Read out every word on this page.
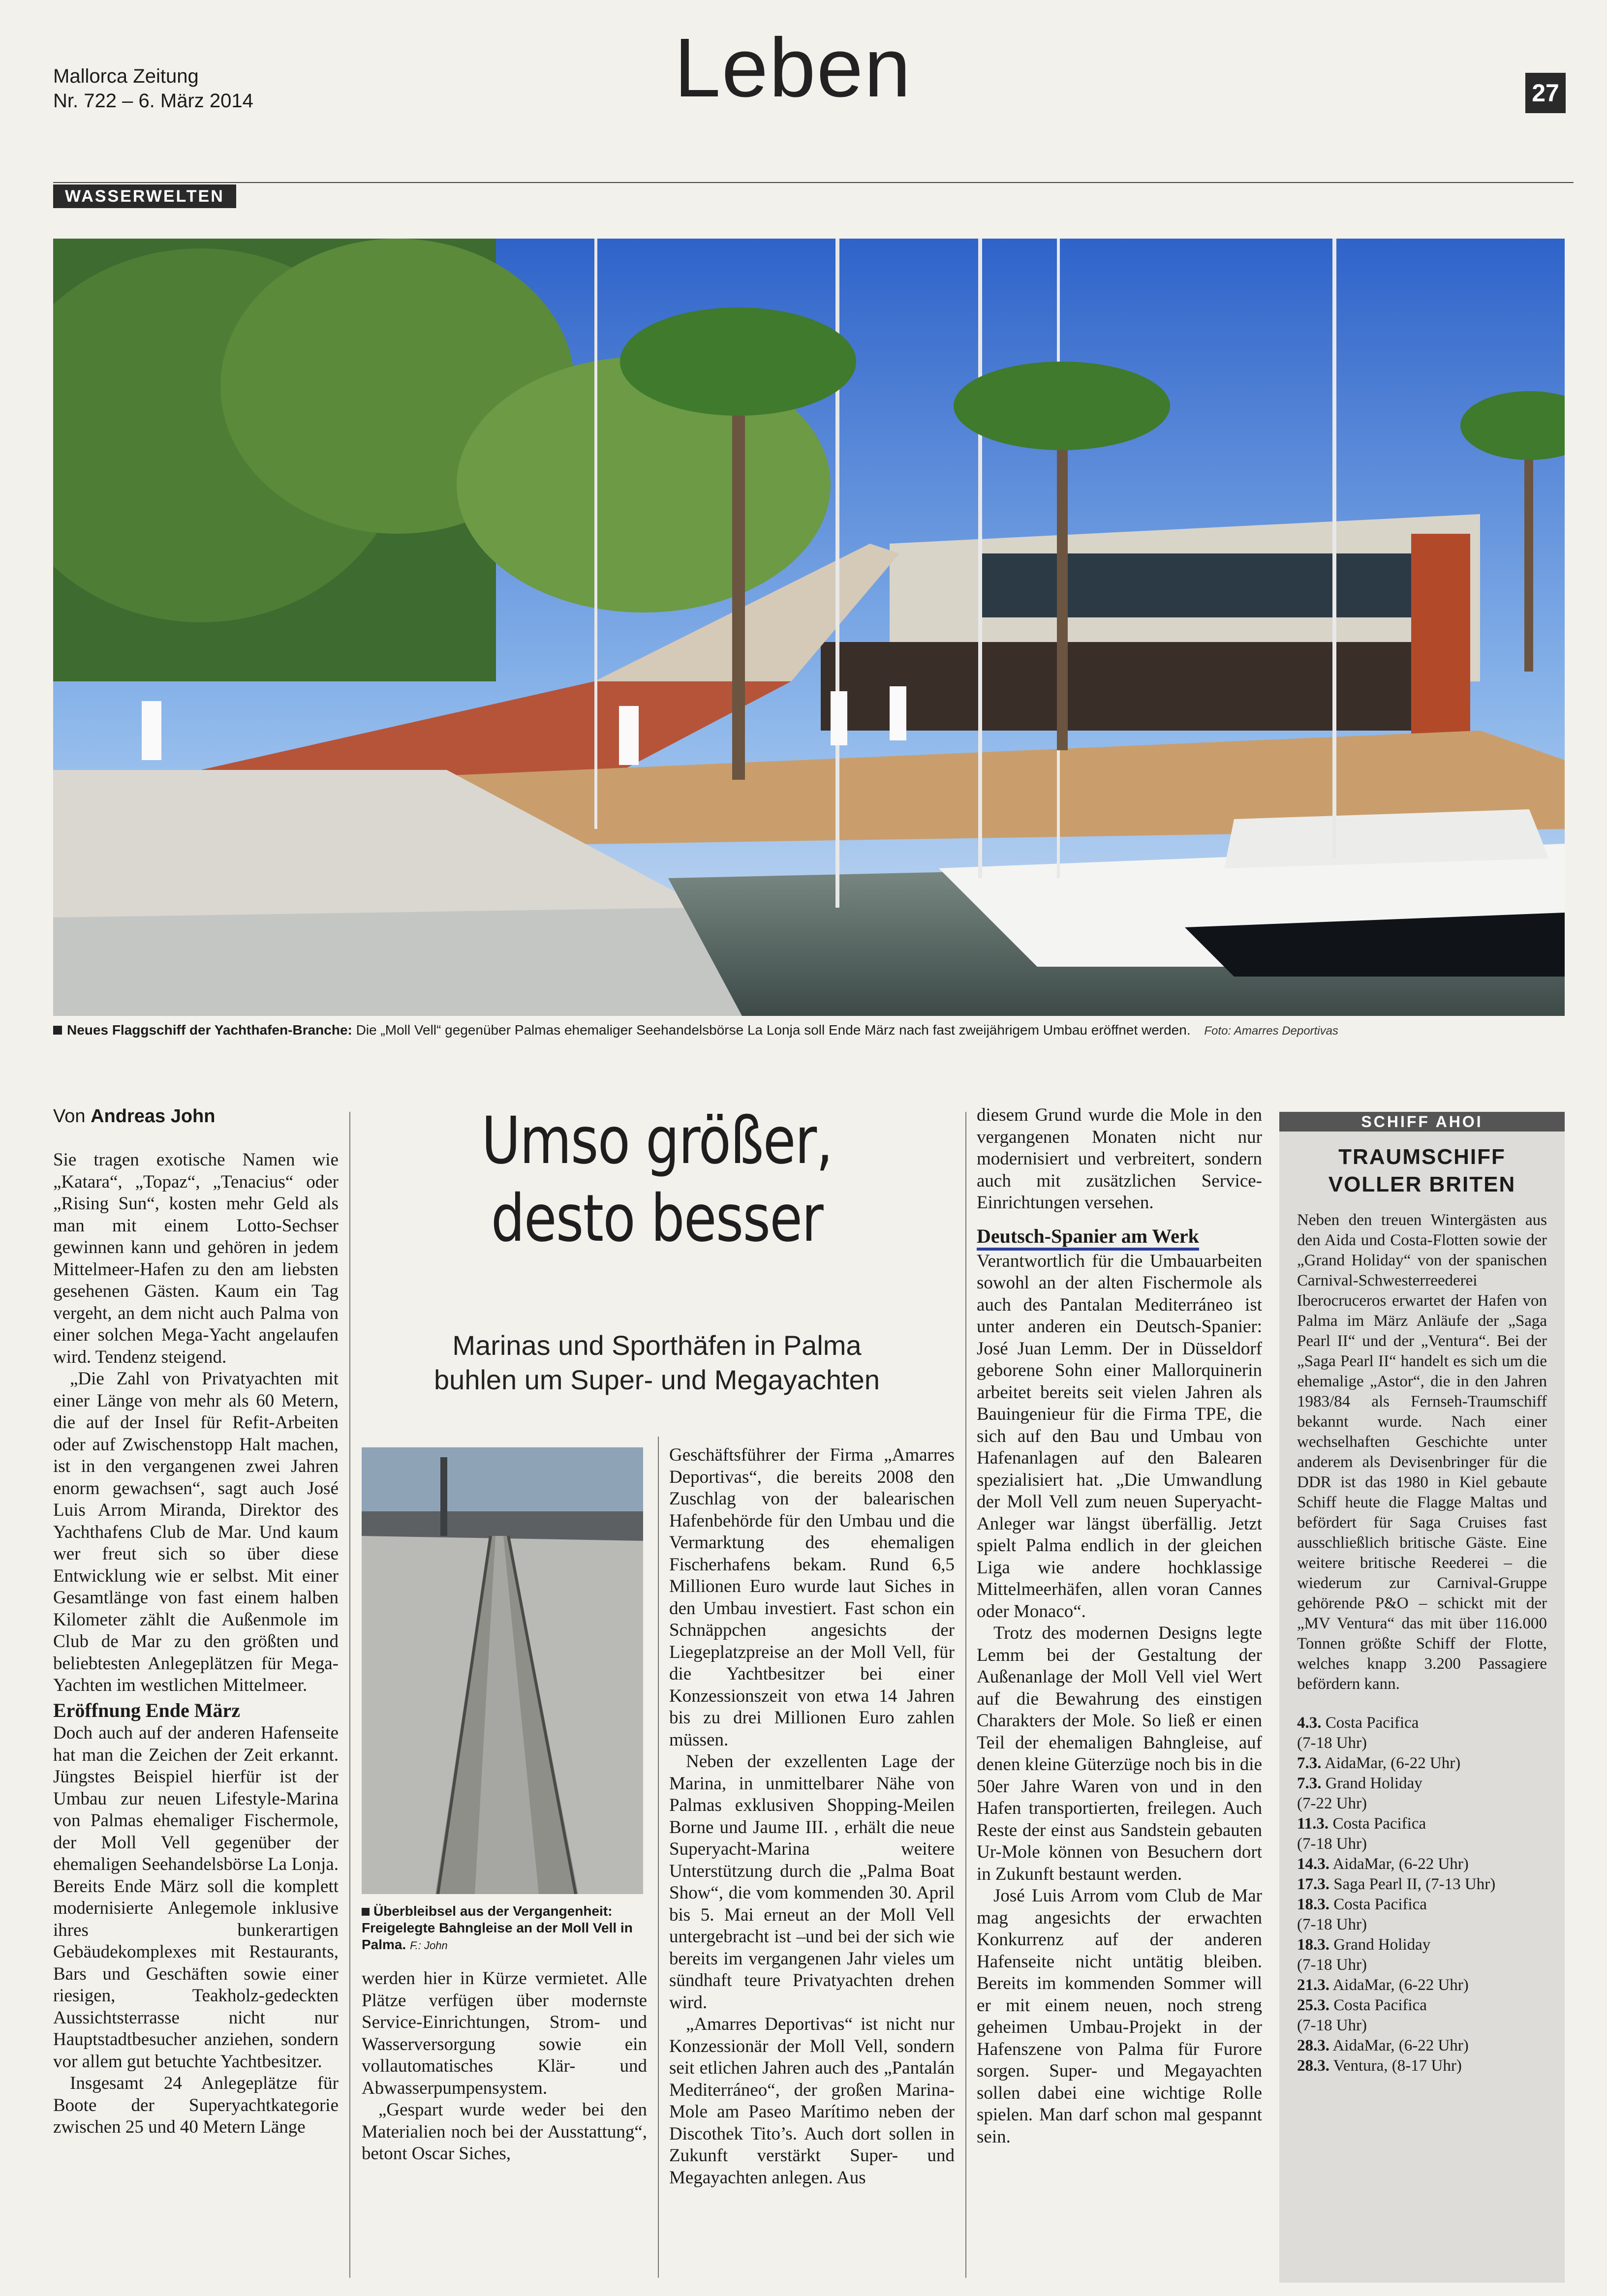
Mallorca Zeitung
Nr. 722 – 6. März 2014	Leben	27
WASSERWELTEN
Neues Flaggschiff der Yachthafen-Branche: Die „Moll Vell“ gegenüber Palmas ehemaliger Seehandelsbörse La Lonja soll Ende März nach fast zweijährigem Umbau eröffnet werden. Foto: Amarres Deportivas
Von Andreas John	Umso größer,
desto besser
Marinas und Sporthäfen in Palma
buhlen um Super- und Megayachten

Sie tragen exotische Namen wie „Katara“, „Topaz“, „Tenacius“ oder „Rising Sun“, kosten mehr Geld als man mit einem Lotto-Sechser gewinnen kann und gehören in jedem Mittelmeer-Hafen zu den am liebsten gesehenen Gästen. Kaum ein Tag vergeht, an dem nicht auch Palma von einer solchen Mega-Yacht angelaufen wird. Tendenz steigend.

„Die Zahl von Privatyachten mit einer Länge von mehr als 60 Metern, die auf der Insel für Refit-Arbeiten oder auf Zwischenstopp Halt machen, ist in den vergangenen zwei Jahren enorm gewachsen“, sagt auch José Luis Arrom Miranda, Direktor des Yachthafens Club de Mar. Und kaum wer freut sich so über diese Entwicklung wie er selbst. Mit einer Gesamtlänge von fast einem halben Kilometer zählt die Außenmole im Club de Mar zu den größten und beliebtesten Anlegeplätzen für Mega-Yachten im westlichen Mittelmeer.

Eröffnung Ende März

Doch auch auf der anderen Hafenseite hat man die Zeichen der Zeit erkannt. Jüngstes Beispiel hierfür ist der Umbau zur neuen Lifestyle-Marina von Palmas ehemaliger Fischermole, der Moll Vell gegenüber der ehemaligen Seehandelsbörse La Lonja. Bereits Ende März soll die komplett modernisierte Anlegemole inklusive ihres bunkerartigen Gebäudekomplexes mit Restaurants, Bars und Geschäften sowie einer riesigen, Teakholz-gedeckten Aussichtsterrasse nicht nur Hauptstadtbesucher anziehen, sondern vor allem gut betuchte Yachtbesitzer.

Insgesamt 24 Anlegeplätze für Boote der Superyachtkategorie zwischen 25 und 40 Metern Länge

Überbleibsel aus der Vergangenheit: Freigelegte Bahngleise an der Moll Vell in Palma. F.: John

werden hier in Kürze vermietet. Alle Plätze verfügen über modernste Service-Einrichtungen, Strom- und Wasserversorgung sowie ein vollautomatisches Klär- und Abwasserpumpensystem.

„Gespart wurde weder bei den Materialien noch bei der Ausstattung“, betont Oscar Siches,

Geschäftsführer der Firma „Amarres Deportivas“, die bereits 2008 den Zuschlag von der balearischen Hafenbehörde für den Umbau und die Vermarktung des ehemaligen Fischerhafens bekam. Rund 6,5 Millionen Euro wurde laut Siches in den Umbau investiert. Fast schon ein Schnäppchen angesichts der Liegeplatzpreise an der Moll Vell, für die Yachtbesitzer bei einer Konzessionszeit von etwa 14 Jahren bis zu drei Millionen Euro zahlen müssen.

Neben der exzellenten Lage der Marina, in unmittelbarer Nähe von Palmas exklusiven Shopping-Meilen Borne und Jaume III. , erhält die neue Superyacht-Marina weitere Unterstützung durch die „Palma Boat Show“, die vom kommenden 30. April bis 5. Mai erneut an der Moll Vell untergebracht ist –und bei der sich wie bereits im vergangenen Jahr vieles um sündhaft teure Privatyachten drehen wird.

„Amarres Deportivas“ ist nicht nur Konzessionär der Moll Vell, sondern seit etlichen Jahren auch des „Pantalán Mediterráneo“, der großen Marina-Mole am Paseo Marítimo neben der Discothek Tito’s. Auch dort sollen in Zukunft verstärkt Super- und Megayachten anlegen. Aus

diesem Grund wurde die Mole in den vergangenen Monaten nicht nur modernisiert und verbreitert, sondern auch mit zusätzlichen Service-Einrichtungen versehen.

Deutsch-Spanier am Werk

Verantwortlich für die Umbauarbeiten sowohl an der alten Fischermole als auch des Pantalan Mediterráneo ist unter anderen ein Deutsch-Spanier: José Juan Lemm. Der in Düsseldorf geborene Sohn einer Mallorquinerin arbeitet bereits seit vielen Jahren als Bauingenieur für die Firma TPE, die sich auf den Bau und Umbau von Hafenanlagen auf den Balearen spezialisiert hat. „Die Umwandlung der Moll Vell zum neuen Superyacht-Anleger war längst überfällig. Jetzt spielt Palma endlich in der gleichen Liga wie andere hochklassige Mittelmeerhäfen, allen voran Cannes oder Monaco“.

Trotz des modernen Designs legte Lemm bei der Gestaltung der Außenanlage der Moll Vell viel Wert auf die Bewahrung des einstigen Charakters der Mole. So ließ er einen Teil der ehemaligen Bahngleise, auf denen kleine Güterzüge noch bis in die 50er Jahre Waren von und in den Hafen transportierten, freilegen. Auch Reste der einst aus Sandstein gebauten Ur-Mole können von Besuchern dort in Zukunft bestaunt werden.

José Luis Arrom vom Club de Mar mag angesichts der erwachten Konkurrenz auf der anderen Hafenseite nicht untätig bleiben. Bereits im kommenden Sommer will er mit einem neuen, noch streng geheimen Umbau-Projekt in der Hafenszene von Palma für Furore sorgen. Super- und Megayachten sollen dabei eine wichtige Rolle spielen. Man darf schon mal gespannt sein.

SCHIFF AHOI
TRAUMSCHIFF
VOLLER BRITEN

Neben den treuen Wintergästen aus den Aida und Costa-Flotten sowie der „Grand Holiday“ von der spanischen Carnival-Schwesterreederei Iberocruceros erwartet der Hafen von Palma im März Anläufe der „Saga Pearl II“ und der „Ventura“. Bei der „Saga Pearl II“ handelt es sich um die ehemalige „Astor“, die in den Jahren 1983/84 als Fernseh-Traumschiff bekannt wurde. Nach einer wechselhaften Geschichte unter anderem als Devisenbringer für die DDR ist das 1980 in Kiel gebaute Schiff heute die Flagge Maltas und befördert für Saga Cruises fast ausschließlich britische Gäste. Eine weitere britische Reederei – die wiederum zur Carnival-Gruppe gehörende P&O – schickt mit der „MV Ventura“ das mit über 116.000 Tonnen größte Schiff der Flotte, welches knapp 3.200 Passagiere befördern kann.

4.3. Costa Pacifica
(7-18 Uhr)
7.3. AidaMar, (6-22 Uhr)
7.3. Grand Holiday
(7-22 Uhr)
11.3. Costa Pacifica
(7-18 Uhr)
14.3. AidaMar, (6-22 Uhr)
17.3. Saga Pearl II, (7-13 Uhr)
18.3. Costa Pacifica
(7-18 Uhr)
18.3. Grand Holiday
(7-18 Uhr)
21.3. AidaMar, (6-22 Uhr)
25.3. Costa Pacifica
(7-18 Uhr)
28.3. AidaMar, (6-22 Uhr)
28.3. Ventura, (8-17 Uhr)
